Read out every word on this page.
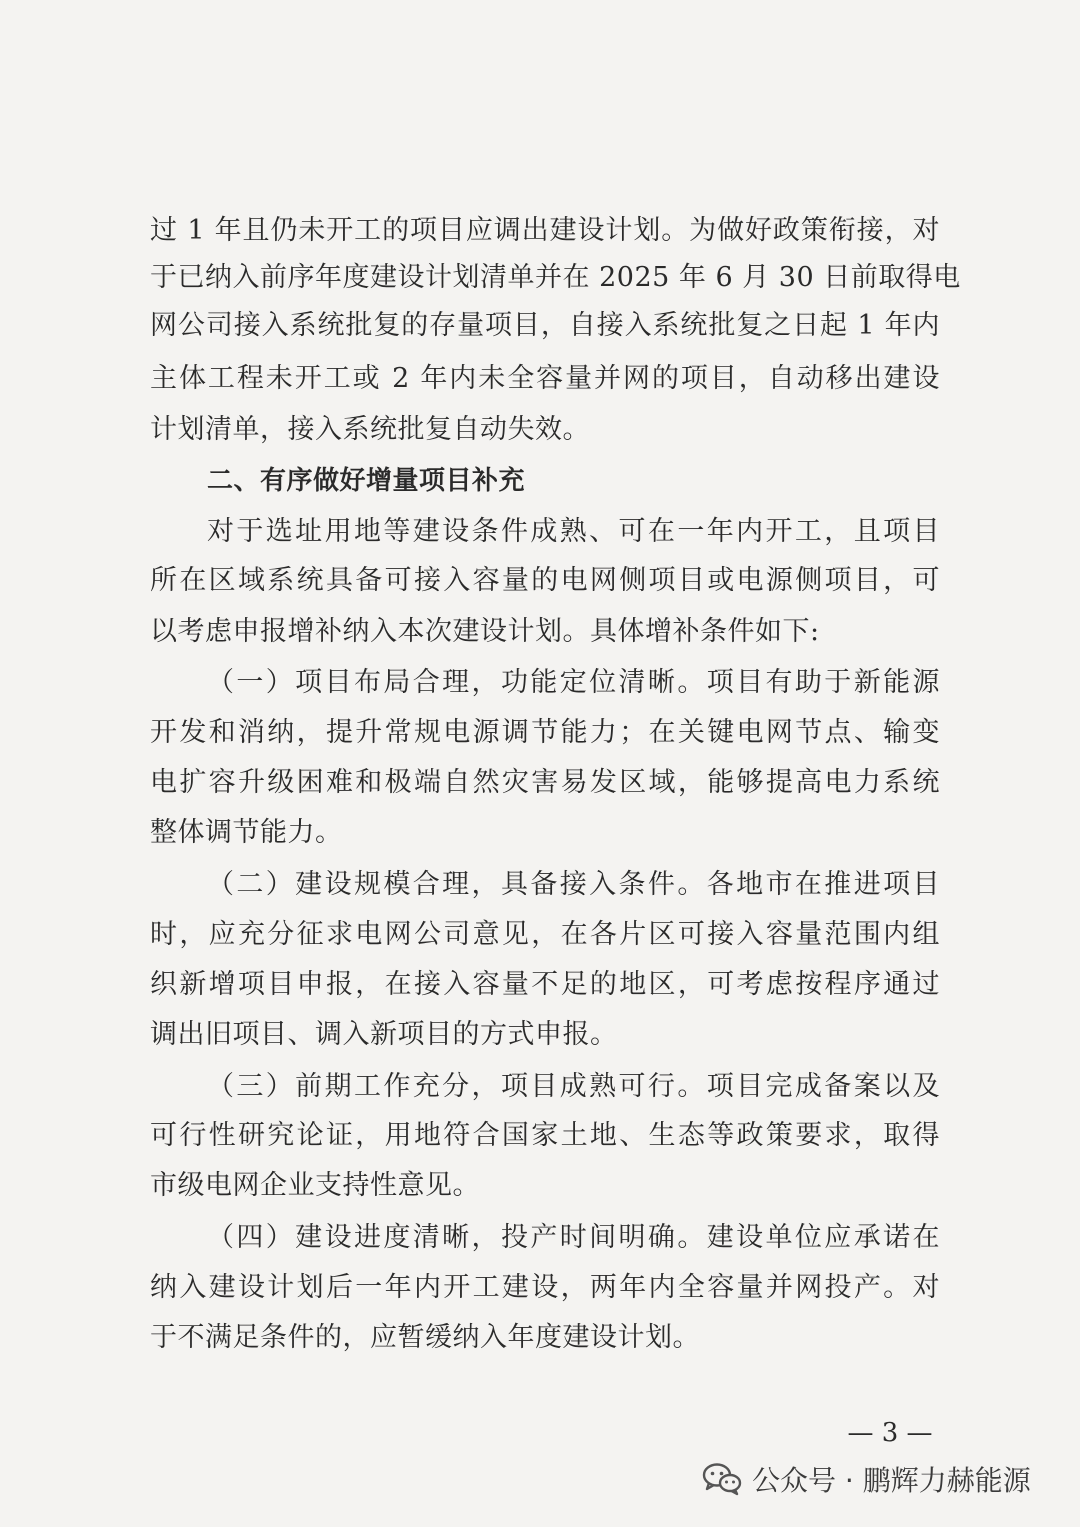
过 1 年且仍未开工的项目应调出建设计划。为做好政策衔接，对
于已纳入前序年度建设计划清单并在 2025 年 6 月 30 日前取得电
网公司接入系统批复的存量项目，自接入系统批复之日起 1 年内
主体工程未开工或 2 年内未全容量并网的项目，自动移出建设
计划清单，接入系统批复自动失效。
二、有序做好增量项目补充
对于选址用地等建设条件成熟、可在一年内开工，且项目
所在区域系统具备可接入容量的电网侧项目或电源侧项目，可
以考虑申报增补纳入本次建设计划。具体增补条件如下:
（一）项目布局合理，功能定位清晰。项目有助于新能源
开发和消纳，提升常规电源调节能力；在关键电网节点、输变
电扩容升级困难和极端自然灾害易发区域，能够提高电力系统
整体调节能力。
（二）建设规模合理，具备接入条件。各地市在推进项目
时，应充分征求电网公司意见，在各片区可接入容量范围内组
织新增项目申报，在接入容量不足的地区，可考虑按程序通过
调出旧项目、调入新项目的方式申报。
（三）前期工作充分，项目成熟可行。项目完成备案以及
可行性研究论证，用地符合国家土地、生态等政策要求，取得
市级电网企业支持性意见。
（四）建设进度清晰，投产时间明确。建设单位应承诺在
纳入建设计划后一年内开工建设，两年内全容量并网投产。对
于不满足条件的，应暂缓纳入年度建设计划。
— 3 —
公众号 · 鹏辉力赫能源
